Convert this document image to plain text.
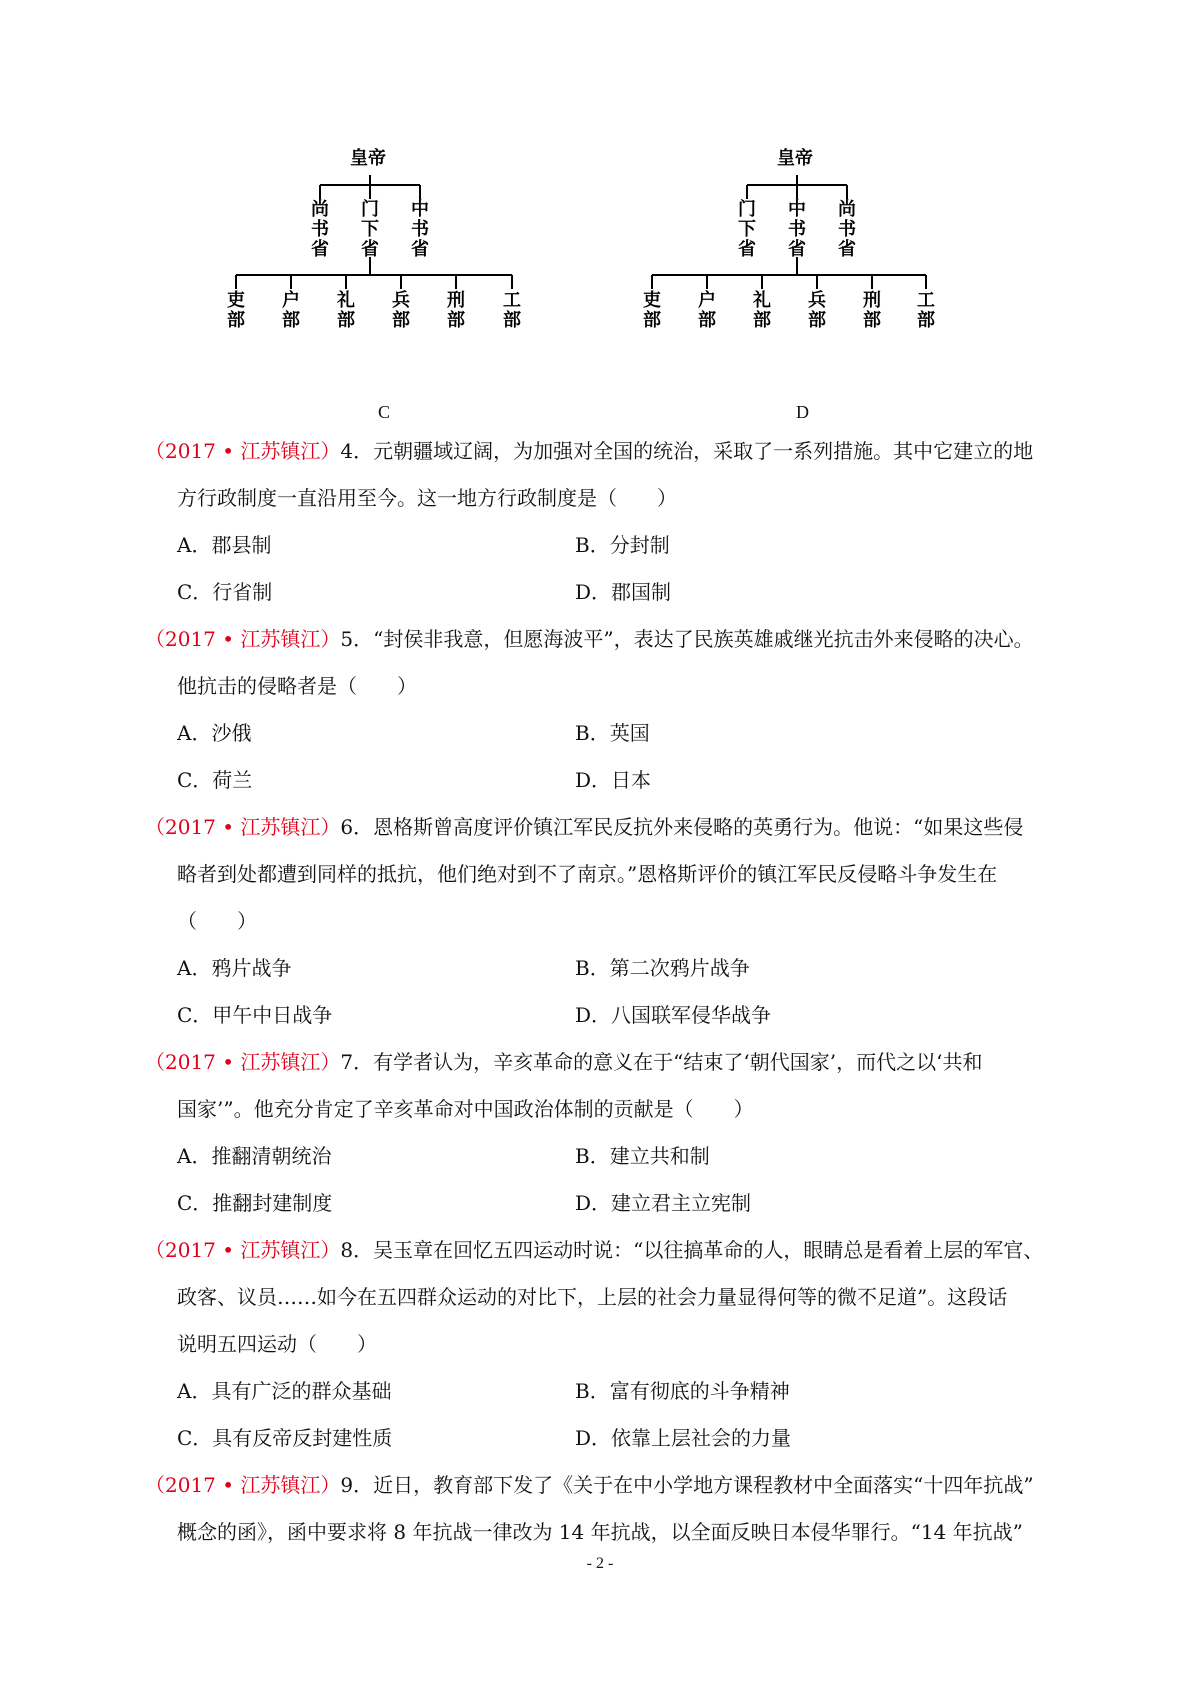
皇帝
尚书省
门下省
中书省
吏部
户部
礼部
兵部
刑部
工部
C
皇帝
门下省
中书省
尚书省
吏部
户部
礼部
兵部
刑部
工部
D
（2017 • 江苏镇江）4．元朝疆域辽阔，为加强对全国的统治，采取了一系列措施。其中它建立的地
方行政制度一直沿用至今。这一地方行政制度是（　　）
A．郡县制	B．分封制
C．行省制	D．郡国制
（2017 • 江苏镇江）5．“封侯非我意，但愿海波平”，表达了民族英雄戚继光抗击外来侵略的决心。
他抗击的侵略者是（　　）
A．沙俄	B．英国
C．荷兰	D．日本
（2017 • 江苏镇江）6．恩格斯曾高度评价镇江军民反抗外来侵略的英勇行为。他说：“如果这些侵
略者到处都遭到同样的抵抗，他们绝对到不了南京。”恩格斯评价的镇江军民反侵略斗争发生在
（　　）
A．鸦片战争	B．第二次鸦片战争
C．甲午中日战争	D．八国联军侵华战争
（2017 • 江苏镇江）7．有学者认为，辛亥革命的意义在于“结束了‘朝代国家’，而代之以‘共和
国家’”。他充分肯定了辛亥革命对中国政治体制的贡献是（　　）
A．推翻清朝统治	B．建立共和制
C．推翻封建制度	D．建立君主立宪制
（2017 • 江苏镇江）8．吴玉章在回忆五四运动时说：“以往搞革命的人，眼睛总是看着上层的军官、
政客、议员……如今在五四群众运动的对比下，上层的社会力量显得何等的微不足道”。这段话
说明五四运动（　　）
A．具有广泛的群众基础	B．富有彻底的斗争精神
C．具有反帝反封建性质	D．依靠上层社会的力量
（2017 • 江苏镇江）9．近日，教育部下发了《关于在中小学地方课程教材中全面落实“十四年抗战”
概念的函》，函中要求将 8 年抗战一律改为 14 年抗战，以全面反映日本侵华罪行。“14 年抗战”
- 2 -
